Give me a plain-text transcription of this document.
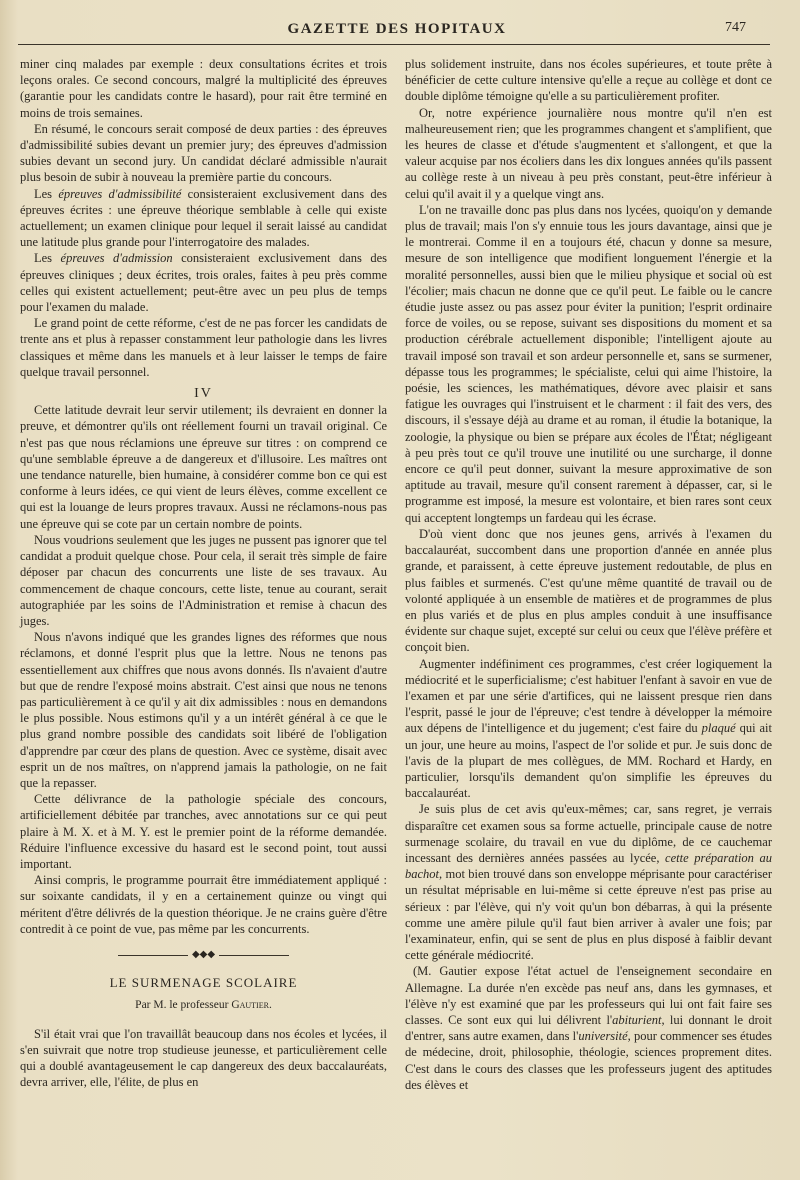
GAZETTE DES HOPITAUX	747

miner cinq malades par exemple : deux consultations écrites et trois leçons orales. Ce second concours, malgré la multiplicité des épreuves (garantie pour les candidats contre le hasard), pour rait être terminé en moins de trois semaines.

En résumé, le concours serait composé de deux parties : des épreuves d'admissibilité subies devant un premier jury; des épreuves d'admission subies devant un second jury. Un candidat déclaré admissible n'aurait plus besoin de subir à nouveau la première partie du concours.

Les épreuves d'admissibilité consisteraient exclusivement dans des épreuves écrites : une épreuve théorique semblable à celle qui existe actuellement; un examen clinique pour lequel il serait laissé au candidat une latitude plus grande pour l'interrogatoire des malades.

Les épreuves d'admission consisteraient exclusivement dans des épreuves cliniques ; deux écrites, trois orales, faites à peu près comme celles qui existent actuellement; peut-être avec un peu plus de temps pour l'examen du malade.

Le grand point de cette réforme, c'est de ne pas forcer les candidats de trente ans et plus à repasser constamment leur pathologie dans les livres classiques et même dans les manuels et à leur laisser le temps de faire quelque travail personnel.

IV

Cette latitude devrait leur servir utilement; ils devraient en donner la preuve, et démontrer qu'ils ont réellement fourni un travail original. Ce n'est pas que nous réclamions une épreuve sur titres : on comprend ce qu'une semblable épreuve a de dangereux et d'illusoire. Les maîtres ont une tendance naturelle, bien humaine, à considérer comme bon ce qui est conforme à leurs idées, ce qui vient de leurs élèves, comme excellent ce qui est la louange de leurs propres travaux. Aussi ne réclamons-nous pas une épreuve qui se cote par un certain nombre de points.

Nous voudrions seulement que les juges ne pussent pas ignorer que tel candidat a produit quelque chose. Pour cela, il serait très simple de faire déposer par chacun des concurrents une liste de ses travaux. Au commencement de chaque concours, cette liste, tenue au courant, serait autographiée par les soins de l'Administration et remise à chacun des juges.

Nous n'avons indiqué que les grandes lignes des réformes que nous réclamons, et donné l'esprit plus que la lettre. Nous ne tenons pas essentiellement aux chiffres que nous avons donnés. Ils n'avaient d'autre but que de rendre l'exposé moins abstrait. C'est ainsi que nous ne tenons pas particulièrement à ce qu'il y ait dix admissibles : nous en demandons le plus possible. Nous estimons qu'il y a un intérêt général à ce que le plus grand nombre possible des candidats soit libéré de l'obligation d'apprendre par cœur des plans de question. Avec ce système, disait avec esprit un de nos maîtres, on n'apprend jamais la pathologie, on ne fait que la repasser.

Cette délivrance de la pathologie spéciale des concours, artificiellement débitée par tranches, avec annotations sur ce qui peut plaire à M. X. et à M. Y. est le premier point de la réforme demandée. Réduire l'influence excessive du hasard est le second point, tout aussi important.

Ainsi compris, le programme pourrait être immédiatement appliqué : sur soixante candidats, il y en a certainement quinze ou vingt qui méritent d'être délivrés de la question théorique. Je ne crains guère d'être contredit à ce point de vue, pas même par les concurrents.

◆◆◆
LE SURMENAGE SCOLAIRE
Par M. le professeur Gautier.

S'il était vrai que l'on travaillât beaucoup dans nos écoles et lycées, il s'en suivrait que notre trop studieuse jeunesse, et particulièrement celle qui a doublé avantageusement le cap dangereux des deux baccalauréats, devra arriver, elle, l'élite, de plus en

plus solidement instruite, dans nos écoles supérieures, et toute prête à bénéficier de cette culture intensive qu'elle a reçue au collège et dont ce double diplôme témoigne qu'elle a su particulièrement profiter.

Or, notre expérience journalière nous montre qu'il n'en est malheureusement rien; que les programmes changent et s'amplifient, que les heures de classe et d'étude s'augmentent et s'allongent, et que la valeur acquise par nos écoliers dans les dix longues années qu'ils passent au collège reste à un niveau à peu près constant, peut-être inférieur à celui qu'il avait il y a quelque vingt ans.

L'on ne travaille donc pas plus dans nos lycées, quoiqu'on y demande plus de travail; mais l'on s'y ennuie tous les jours davantage, ainsi que je le montrerai. Comme il en a toujours été, chacun y donne sa mesure, mesure de son intelligence que modifient longuement l'énergie et la moralité personnelles, aussi bien que le milieu physique et social où est l'écolier; mais chacun ne donne que ce qu'il peut. Le faible ou le cancre étudie juste assez ou pas assez pour éviter la punition; l'esprit ordinaire force de voiles, ou se repose, suivant ses dispositions du moment et sa production cérébrale actuellement disponible; l'intelligent ajoute au travail imposé son travail et son ardeur personnelle et, sans se surmener, dépasse tous les programmes; le spécialiste, celui qui aime l'histoire, la poésie, les sciences, les mathématiques, dévore avec plaisir et sans fatigue les ouvrages qui l'instruisent et le charment : il fait des vers, des discours, il s'essaye déjà au drame et au roman, il étudie la botanique, la zoologie, la physique ou bien se prépare aux écoles de l'État; négligeant à peu près tout ce qu'il trouve une inutilité ou une surcharge, il donne encore ce qu'il peut donner, suivant la mesure approximative de son aptitude au travail, mesure qu'il consent rarement à dépasser, car, si le programme est imposé, la mesure est volontaire, et bien rares sont ceux qui acceptent longtemps un fardeau qui les écrase.

D'où vient donc que nos jeunes gens, arrivés à l'examen du baccalauréat, succombent dans une proportion d'année en année plus grande, et paraissent, à cette épreuve justement redoutable, de plus en plus faibles et surmenés. C'est qu'une même quantité de travail ou de volonté appliquée à un ensemble de matières et de programmes de plus en plus variés et de plus en plus amples conduit à une insuffisance évidente sur chaque sujet, excepté sur celui ou ceux que l'élève préfère et conçoit bien.

Augmenter indéfiniment ces programmes, c'est créer logiquement la médiocrité et le superficialisme; c'est habituer l'enfant à savoir en vue de l'examen et par une série d'artifices, qui ne laissent presque rien dans l'esprit, passé le jour de l'épreuve; c'est tendre à développer la mémoire aux dépens de l'intelligence et du jugement; c'est faire du plaqué qui ait un jour, une heure au moins, l'aspect de l'or solide et pur. Je suis donc de l'avis de la plupart de mes collègues, de MM. Rochard et Hardy, en particulier, lorsqu'ils demandent qu'on simplifie les épreuves du baccalauréat.

Je suis plus de cet avis qu'eux-mêmes; car, sans regret, je verrais disparaître cet examen sous sa forme actuelle, principale cause de notre surmenage scolaire, du travail en vue du diplôme, de ce cauchemar incessant des dernières années passées au lycée, cette préparation au bachot, mot bien trouvé dans son enveloppe méprisante pour caractériser un résultat méprisable en lui-même si cette épreuve n'est pas prise au sérieux : par l'élève, qui n'y voit qu'un bon débarras, à qui la présente comme une amère pilule qu'il faut bien arriver à avaler une fois; par l'examinateur, enfin, qui se sent de plus en plus disposé à faiblir devant cette générale médiocrité.

(M. Gautier expose l'état actuel de l'enseignement secondaire en Allemagne. La durée n'en excède pas neuf ans, dans les gymnases, et l'élève n'y est examiné que par les professeurs qui lui ont fait faire ses classes. Ce sont eux qui lui délivrent l'abiturient, lui donnant le droit d'entrer, sans autre examen, dans l'université, pour commencer ses études de médecine, droit, philosophie, théologie, sciences proprement dites. C'est dans le cours des classes que les professeurs jugent des aptitudes des élèves et
